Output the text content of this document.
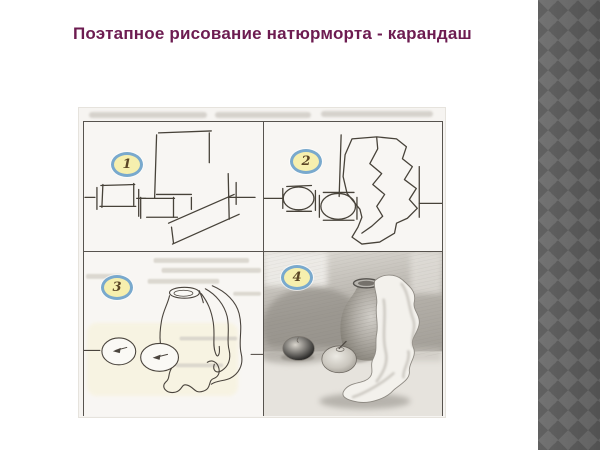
Поэтапное рисование натюрморта - карандаш
1	2
3
4
